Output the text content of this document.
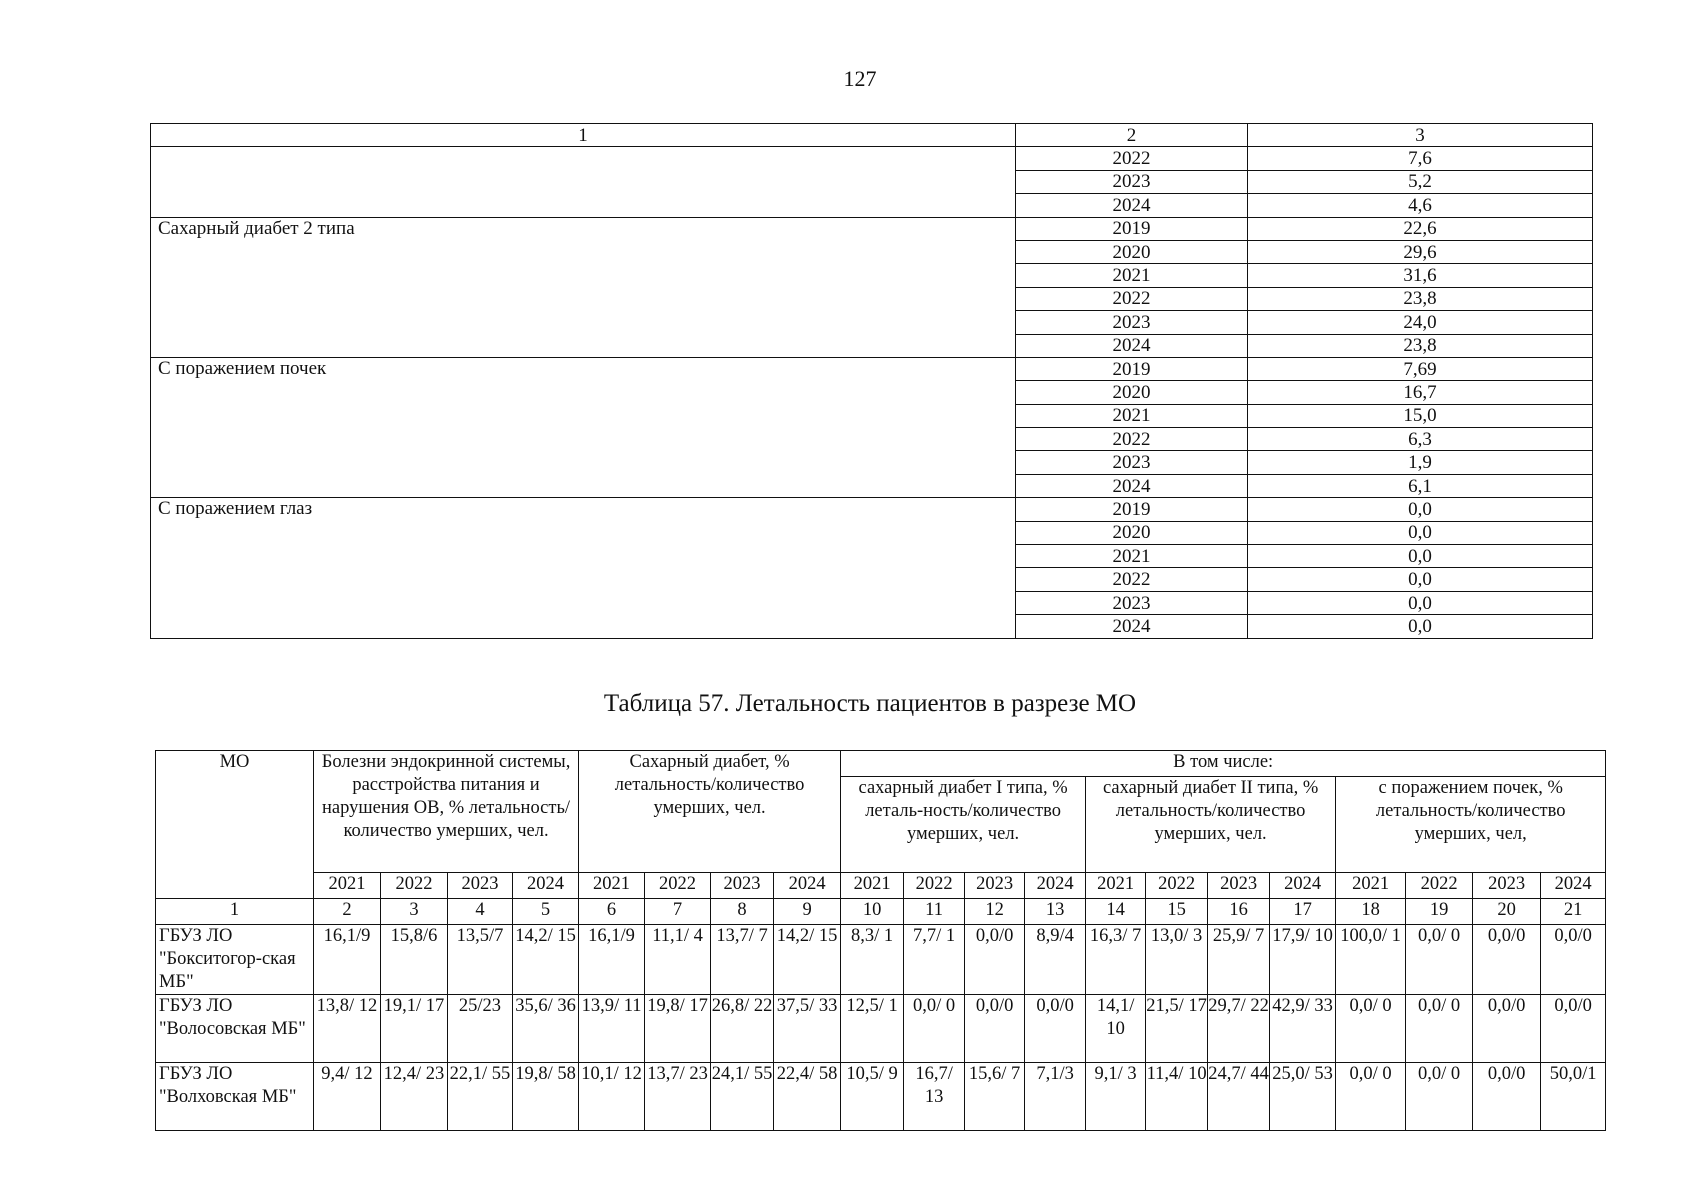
127
1	2	3
	2022	7,6
	2023	5,2
	2024	4,6
Сахарный диабет 2 типа	2019	22,6
	2020	29,6
	2021	31,6
	2022	23,8
	2023	24,0
	2024	23,8
С поражением почек	2019	7,69
	2020	16,7
	2021	15,0
	2022	6,3
	2023	1,9
	2024	6,1
С поражением глаз	2019	0,0
	2020	0,0
	2021	0,0
	2022	0,0
	2023	0,0
	2024	0,0
Таблица 57. Летальность пациентов в разрезе МО
МО	Болезни эндокринной системы, расстройства питания и нарушения ОВ, % летальность/количество умерших, чел.				Сахарный диабет, % летальность/количество умерших, чел.				В том числе:											
									сахарный диабет I типа, % леталь-ность/количество умерших, чел.				сахарный диабет II типа, % летальность/количество умерших, чел.				с поражением почек, % летальность/количество умерших, чел,			
	2021	2022	2023	2024	2021	2022	2023	2024	2021	2022	2023	2024	2021	2022	2023	2024	2021	2022	2023	2024
1	2	3	4	5	6	7	8	9	10	11	12	13	14	15	16	17	18	19	20	21
ГБУЗ ЛО "Бокситогор-ская МБ"	16,1/9	15,8/6	13,5/7	14,2/ 15	16,1/9	11,1/ 4	13,7/ 7	14,2/ 15	8,3/ 1	7,7/ 1	0,0/0	8,9/4	16,3/ 7	13,0/ 3	25,9/ 7	17,9/ 10	100,0/ 1	0,0/ 0	0,0/0	0,0/0
ГБУЗ ЛО "Волосовская МБ"	13,8/ 12	19,1/ 17	25/23	35,6/ 36	13,9/ 11	19,8/ 17	26,8/ 22	37,5/ 33	12,5/ 1	0,0/ 0	0,0/0	0,0/0	14,1/ 10	21,5/ 17	29,7/ 22	42,9/ 33	0,0/ 0	0,0/ 0	0,0/0	0,0/0
ГБУЗ ЛО "Волховская МБ"	9,4/ 12	12,4/ 23	22,1/ 55	19,8/ 58	10,1/ 12	13,7/ 23	24,1/ 55	22,4/ 58	10,5/ 9	16,7/ 13	15,6/ 7	7,1/3	9,1/ 3	11,4/ 10	24,7/ 44	25,0/ 53	0,0/ 0	0,0/ 0	0,0/0	50,0/1
